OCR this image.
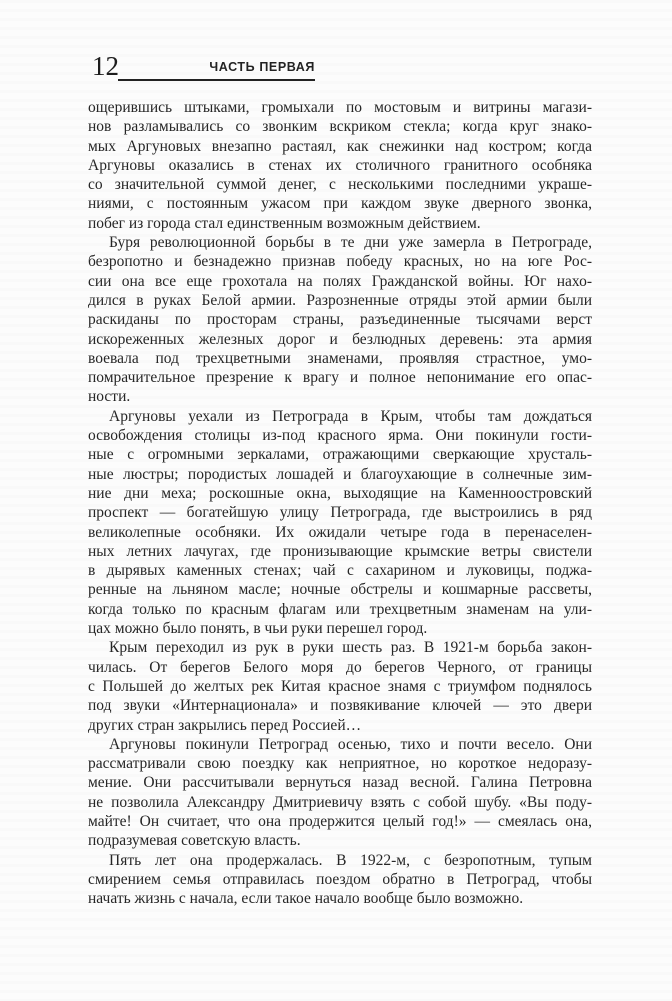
12	ЧАСТЬ ПЕРВАЯ
ощерившись штыками, громыхали по мостовым и витрины магази-
нов разламывались со звонким вскриком стекла; когда круг знако-
мых Аргуновых внезапно растаял, как снежинки над костром; когда
Аргуновы оказались в стенах их столичного гранитного особняка
со значительной суммой денег, с несколькими последними украше-
ниями, с постоянным ужасом при каждом звуке дверного звонка,
побег из города стал единственным возможным действием.
Буря революционной борьбы в те дни уже замерла в Петрограде,
безропотно и безнадежно признав победу красных, но на юге Рос-
сии она все еще грохотала на полях Гражданской войны. Юг нахо-
дился в руках Белой армии. Разрозненные отряды этой армии были
раскиданы по просторам страны, разъединенные тысячами верст
искореженных железных дорог и безлюдных деревень: эта армия
воевала под трехцветными знаменами, проявляя страстное, умо-
помрачительное презрение к врагу и полное непонимание его опас-
ности.
Аргуновы уехали из Петрограда в Крым, чтобы там дождаться
освобождения столицы из-под красного ярма. Они покинули гости-
ные с огромными зеркалами, отражающими сверкающие хрусталь-
ные люстры; породистых лошадей и благоухающие в солнечные зим-
ние дни меха; роскошные окна, выходящие на Каменноостровский
проспект — богатейшую улицу Петрограда, где выстроились в ряд
великолепные особняки. Их ожидали четыре года в перенаселен-
ных летних лачугах, где пронизывающие крымские ветры свистели
в дырявых каменных стенах; чай с сахарином и луковицы, поджа-
ренные на льняном масле; ночные обстрелы и кошмарные рассветы,
когда только по красным флагам или трехцветным знаменам на ули-
цах можно было понять, в чьи руки перешел город.
Крым переходил из рук в руки шесть раз. В 1921-м борьба закон-
чилась. От берегов Белого моря до берегов Черного, от границы
с Польшей до желтых рек Китая красное знамя с триумфом поднялось
под звуки «Интернационала» и позвякивание ключей — это двери
других стран закрылись перед Россией…
Аргуновы покинули Петроград осенью, тихо и почти весело. Они
рассматривали свою поездку как неприятное, но короткое недоразу-
мение. Они рассчитывали вернуться назад весной. Галина Петровна
не позволила Александру Дмитриевичу взять с собой шубу. «Вы поду-
майте! Он считает, что она продержится целый год!» — смеялась она,
подразумевая советскую власть.
Пять лет она продержалась. В 1922-м, с безропотным, тупым
смирением семья отправилась поездом обратно в Петроград, чтобы
начать жизнь с начала, если такое начало вообще было возможно.
